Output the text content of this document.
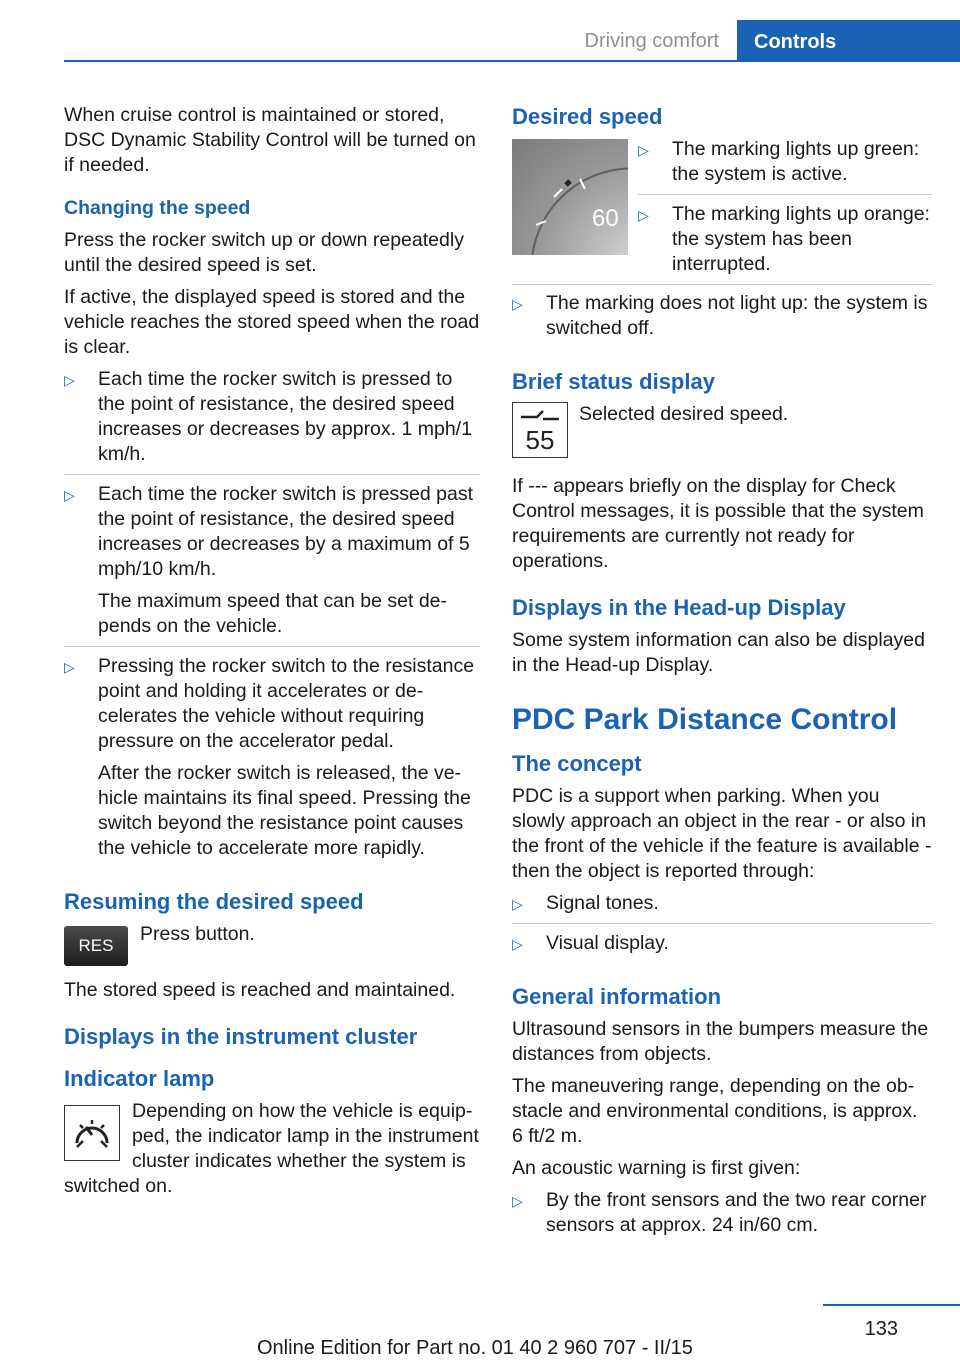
Driving comfort	Controls

When cruise control is maintained or stored, DSC Dynamic Stability Control will be turned on if needed.

Changing the speed

Press the rocker switch up or down repeatedly until the desired speed is set.

If active, the displayed speed is stored and the vehicle reaches the stored speed when the road is clear.

▷ Each time the rocker switch is pressed to the point of resistance, the desired speed increases or decreases by approx. 1 mph/1 km/h.
▷ Each time the rocker switch is pressed past the point of resistance, the desired speed increases or decreases by a maximum of 5 mph/10 km/h.
The maximum speed that can be set depends on the vehicle.
▷ Pressing the rocker switch to the resistance point and holding it accelerates or decelerates the vehicle without requiring pressure on the accelerator pedal.
After the rocker switch is released, the vehicle maintains its final speed. Pressing the switch beyond the resistance point causes the vehicle to accelerate more rapidly.
Resuming the desired speed
RES
Press button.

The stored speed is reached and maintained.

Displays in the instrument cluster
Indicator lamp

Depending on how the vehicle is equipped, the indicator lamp in the instrument cluster indicates whether the system is switched on.

Desired speed
60
▷ The marking lights up green: the system is active.
▷ The marking lights up orange: the system has been interrupted.
▷ The marking does not light up: the system is switched off.
Brief status display
55
Selected desired speed.

If --- appears briefly on the display for Check Control messages, it is possible that the system requirements are currently not ready for operations.

Displays in the Head-up Display

Some system information can also be displayed in the Head-up Display.

PDC Park Distance Control
The concept

PDC is a support when parking. When you slowly approach an object in the rear - or also in the front of the vehicle if the feature is available - then the object is reported through:

▷ Signal tones.
▷ Visual display.
General information

Ultrasound sensors in the bumpers measure the distances from objects.

The maneuvering range, depending on the obstacle and environmental conditions, is approx. 6 ft/2 m.

An acoustic warning is first given:

▷ By the front sensors and the two rear corner sensors at approx. 24 in/60 cm.
133
Online Edition for Part no. 01 40 2 960 707 - II/15
